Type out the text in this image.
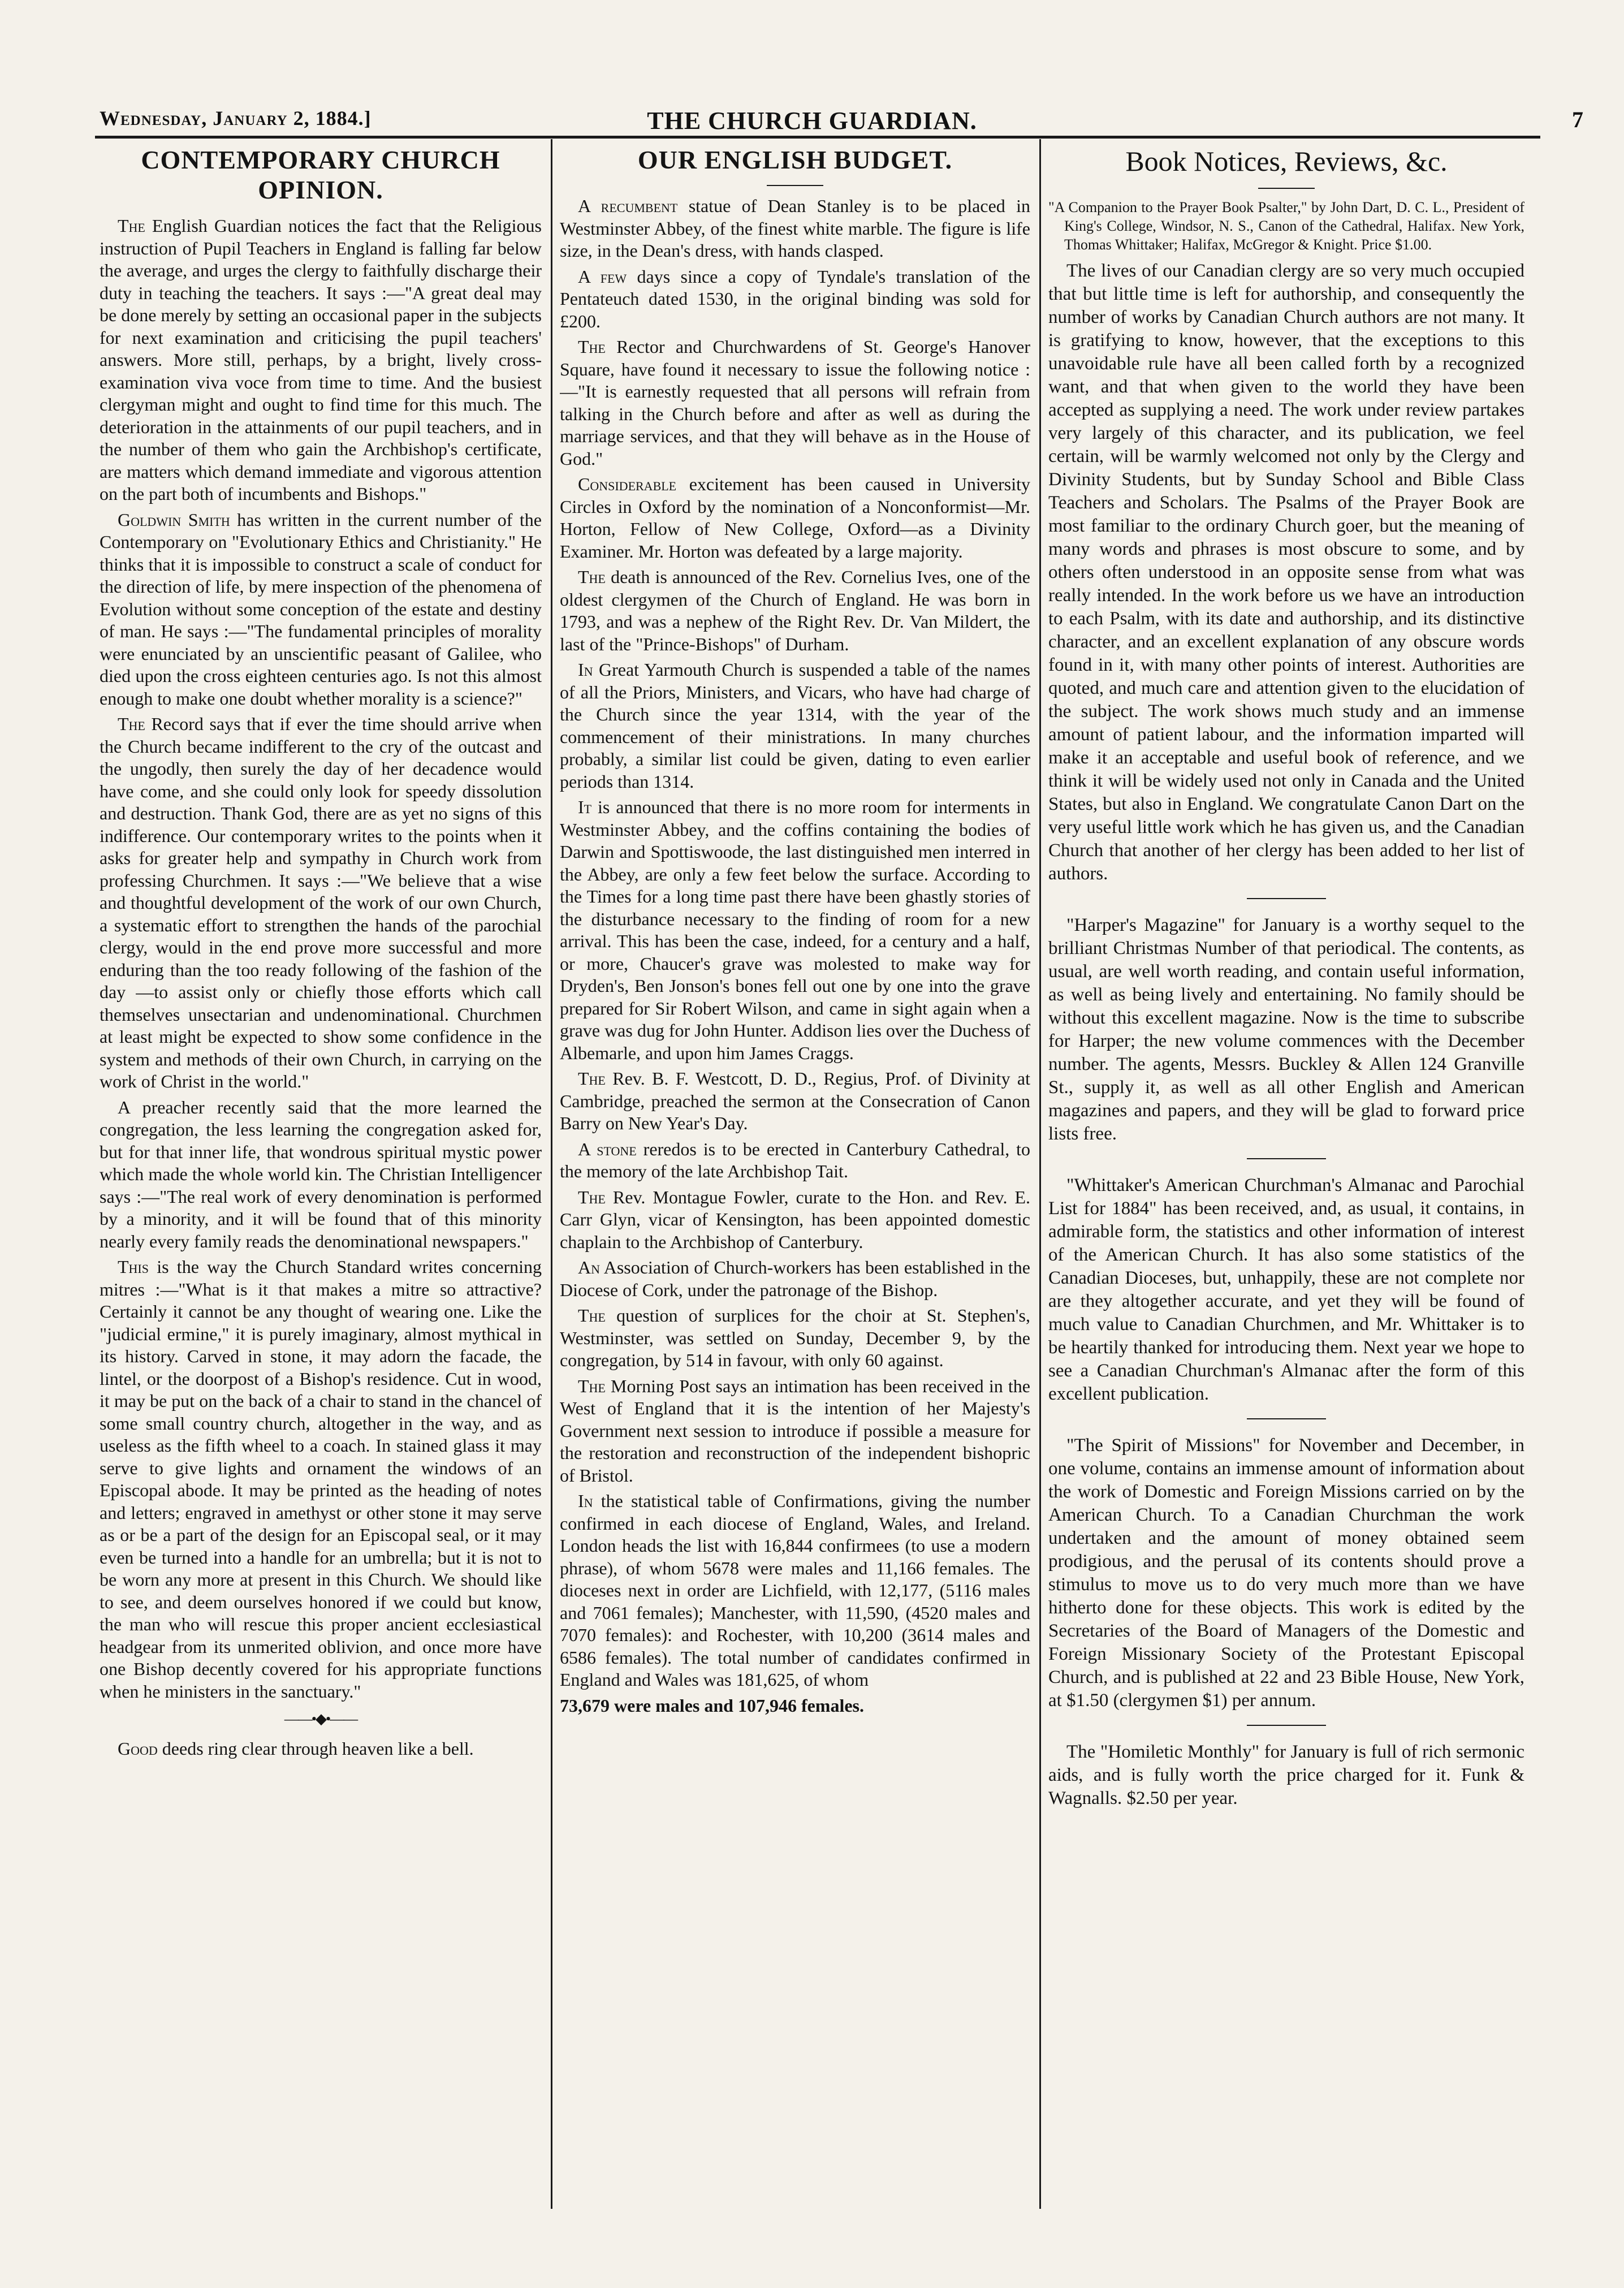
Wednesday, January 2, 1884.]	THE CHURCH GUARDIAN.	7
CONTEMPORARY CHURCH OPINION.

The English Guardian notices the fact that the Religious instruction of Pupil Teachers in England is falling far below the average, and urges the clergy to faithfully discharge their duty in teaching the teachers. It says :—"A great deal may be done merely by setting an occasional paper in the subjects for next examination and criticising the pupil teachers' answers. More still, perhaps, by a bright, lively cross-examination viva voce from time to time. And the busiest clergyman might and ought to find time for this much. The deterioration in the attainments of our pupil teachers, and in the number of them who gain the Archbishop's certificate, are matters which demand immediate and vigorous attention on the part both of incumbents and Bishops."

Goldwin Smith has written in the current number of the Contemporary on "Evolutionary Ethics and Christianity." He thinks that it is impossible to construct a scale of conduct for the direction of life, by mere inspection of the phenomena of Evolution without some conception of the estate and destiny of man. He says :—"The fundamental principles of morality were enunciated by an unscientific peasant of Galilee, who died upon the cross eighteen centuries ago. Is not this almost enough to make one doubt whether morality is a science?"

The Record says that if ever the time should arrive when the Church became indifferent to the cry of the outcast and the ungodly, then surely the day of her decadence would have come, and she could only look for speedy dissolution and destruction. Thank God, there are as yet no signs of this indifference. Our contemporary writes to the points when it asks for greater help and sympathy in Church work from professing Churchmen. It says :—"We believe that a wise and thoughtful development of the work of our own Church, a systematic effort to strengthen the hands of the parochial clergy, would in the end prove more successful and more enduring than the too ready following of the fashion of the day —to assist only or chiefly those efforts which call themselves unsectarian and undenominational. Churchmen at least might be expected to show some confidence in the system and methods of their own Church, in carrying on the work of Christ in the world."

A preacher recently said that the more learned the congregation, the less learning the congregation asked for, but for that inner life, that wondrous spiritual mystic power which made the whole world kin. The Christian Intelligencer says :—"The real work of every denomination is performed by a minority, and it will be found that of this minority nearly every family reads the denominational newspapers."

This is the way the Church Standard writes concerning mitres :—"What is it that makes a mitre so attractive? Certainly it cannot be any thought of wearing one. Like the "judicial ermine," it is purely imaginary, almost mythical in its history. Carved in stone, it may adorn the facade, the lintel, or the doorpost of a Bishop's residence. Cut in wood, it may be put on the back of a chair to stand in the chancel of some small country church, altogether in the way, and as useless as the fifth wheel to a coach. In stained glass it may serve to give lights and ornament the windows of an Episcopal abode. It may be printed as the heading of notes and letters; engraved in amethyst or other stone it may serve as or be a part of the design for an Episcopal seal, or it may even be turned into a handle for an umbrella; but it is not to be worn any more at present in this Church. We should like to see, and deem ourselves honored if we could but know, the man who will rescue this proper ancient ecclesiastical headgear from its unmerited oblivion, and once more have one Bishop decently covered for his appropriate functions when he ministers in the sanctuary."

——•◆•——

Good deeds ring clear through heaven like a bell.

OUR ENGLISH BUDGET.

A recumbent statue of Dean Stanley is to be placed in Westminster Abbey, of the finest white marble. The figure is life size, in the Dean's dress, with hands clasped.

A few days since a copy of Tyndale's translation of the Pentateuch dated 1530, in the original binding was sold for £200.

The Rector and Churchwardens of St. George's Hanover Square, have found it necessary to issue the following notice :—"It is earnestly requested that all persons will refrain from talking in the Church before and after as well as during the marriage services, and that they will behave as in the House of God."

Considerable excitement has been caused in University Circles in Oxford by the nomination of a Nonconformist—Mr. Horton, Fellow of New College, Oxford—as a Divinity Examiner. Mr. Horton was defeated by a large majority.

The death is announced of the Rev. Cornelius Ives, one of the oldest clergymen of the Church of England. He was born in 1793, and was a nephew of the Right Rev. Dr. Van Mildert, the last of the "Prince-Bishops" of Durham.

In Great Yarmouth Church is suspended a table of the names of all the Priors, Ministers, and Vicars, who have had charge of the Church since the year 1314, with the year of the commencement of their ministrations. In many churches probably, a similar list could be given, dating to even earlier periods than 1314.

It is announced that there is no more room for interments in Westminster Abbey, and the coffins containing the bodies of Darwin and Spottiswoode, the last distinguished men interred in the Abbey, are only a few feet below the surface. According to the Times for a long time past there have been ghastly stories of the disturbance necessary to the finding of room for a new arrival. This has been the case, indeed, for a century and a half, or more, Chaucer's grave was molested to make way for Dryden's, Ben Jonson's bones fell out one by one into the grave prepared for Sir Robert Wilson, and came in sight again when a grave was dug for John Hunter. Addison lies over the Duchess of Albemarle, and upon him James Craggs.

The Rev. B. F. Westcott, D. D., Regius, Prof. of Divinity at Cambridge, preached the sermon at the Consecration of Canon Barry on New Year's Day.

A stone reredos is to be erected in Canterbury Cathedral, to the memory of the late Archbishop Tait.

The Rev. Montague Fowler, curate to the Hon. and Rev. E. Carr Glyn, vicar of Kensington, has been appointed domestic chaplain to the Archbishop of Canterbury.

An Association of Church-workers has been established in the Diocese of Cork, under the patronage of the Bishop.

The question of surplices for the choir at St. Stephen's, Westminster, was settled on Sunday, December 9, by the congregation, by 514 in favour, with only 60 against.

The Morning Post says an intimation has been received in the West of England that it is the intention of her Majesty's Government next session to introduce if possible a measure for the restoration and reconstruction of the independent bishopric of Bristol.

In the statistical table of Confirmations, giving the number confirmed in each diocese of England, Wales, and Ireland. London heads the list with 16,844 confirmees (to use a modern phrase), of whom 5678 were males and 11,166 females. The dioceses next in order are Lichfield, with 12,177, (5116 males and 7061 females); Manchester, with 11,590, (4520 males and 7070 females): and Rochester, with 10,200 (3614 males and 6586 females). The total number of candidates confirmed in England and Wales was 181,625, of whom

73,679 were males and 107,946 females.

Book Notices, Reviews, &c.

"A Companion to the Prayer Book Psalter," by John Dart, D. C. L., President of King's College, Windsor, N. S., Canon of the Cathedral, Halifax. New York, Thomas Whittaker; Halifax, McGregor & Knight. Price $1.00.

The lives of our Canadian clergy are so very much occupied that but little time is left for authorship, and consequently the number of works by Canadian Church authors are not many. It is gratifying to know, however, that the exceptions to this unavoidable rule have all been called forth by a recognized want, and that when given to the world they have been accepted as supplying a need. The work under review partakes very largely of this character, and its publication, we feel certain, will be warmly welcomed not only by the Clergy and Divinity Students, but by Sunday School and Bible Class Teachers and Scholars. The Psalms of the Prayer Book are most familiar to the ordinary Church goer, but the meaning of many words and phrases is most obscure to some, and by others often understood in an opposite sense from what was really intended. In the work before us we have an introduction to each Psalm, with its date and authorship, and its distinctive character, and an excellent explanation of any obscure words found in it, with many other points of interest. Authorities are quoted, and much care and attention given to the elucidation of the subject. The work shows much study and an immense amount of patient labour, and the information imparted will make it an acceptable and useful book of reference, and we think it will be widely used not only in Canada and the United States, but also in England. We congratulate Canon Dart on the very useful little work which he has given us, and the Canadian Church that another of her clergy has been added to her list of authors.

"Harper's Magazine" for January is a worthy sequel to the brilliant Christmas Number of that periodical. The contents, as usual, are well worth reading, and contain useful information, as well as being lively and entertaining. No family should be without this excellent magazine. Now is the time to subscribe for Harper; the new volume commences with the December number. The agents, Messrs. Buckley & Allen 124 Granville St., supply it, as well as all other English and American magazines and papers, and they will be glad to forward price lists free.

"Whittaker's American Churchman's Almanac and Parochial List for 1884" has been received, and, as usual, it contains, in admirable form, the statistics and other information of interest of the American Church. It has also some statistics of the Canadian Dioceses, but, unhappily, these are not complete nor are they altogether accurate, and yet they will be found of much value to Canadian Churchmen, and Mr. Whittaker is to be heartily thanked for introducing them. Next year we hope to see a Canadian Churchman's Almanac after the form of this excellent publication.

"The Spirit of Missions" for November and December, in one volume, contains an immense amount of information about the work of Domestic and Foreign Missions carried on by the American Church. To a Canadian Churchman the work undertaken and the amount of money obtained seem prodigious, and the perusal of its contents should prove a stimulus to move us to do very much more than we have hitherto done for these objects. This work is edited by the Secretaries of the Board of Managers of the Domestic and Foreign Missionary Society of the Protestant Episcopal Church, and is published at 22 and 23 Bible House, New York, at $1.50 (clergymen $1) per annum.

The "Homiletic Monthly" for January is full of rich sermonic aids, and is fully worth the price charged for it. Funk & Wagnalls. $2.50 per year.
